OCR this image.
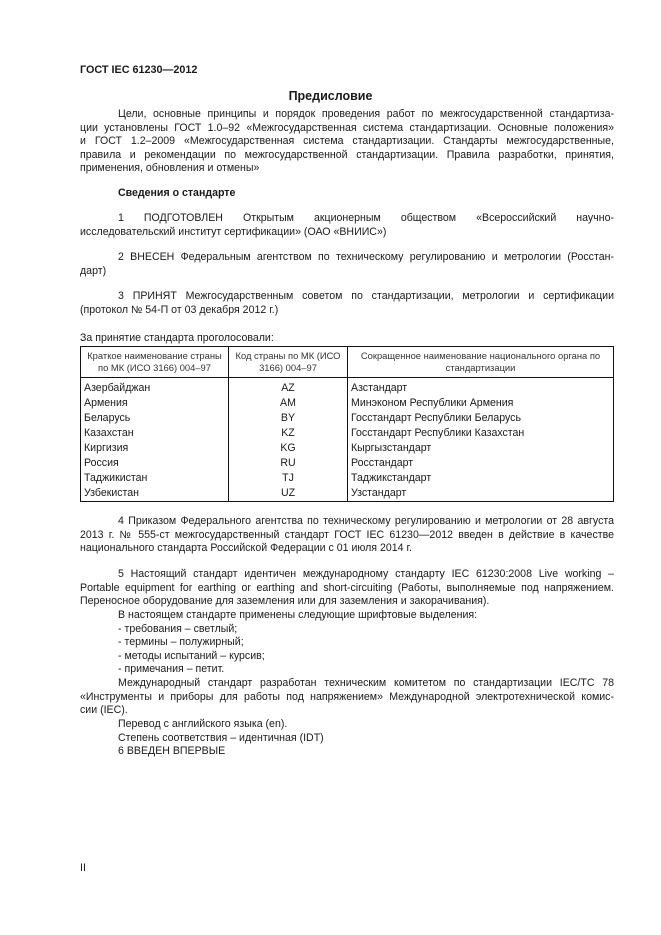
ГОСТ IEC 61230—2012
Предисловие
Цели, основные принципы и порядок проведения работ по межгосударственной стандартиза-
ции установлены ГОСТ 1.0–92 «Межгосударственная система стандартизации. Основные положения»
и ГОСТ 1.2–2009 «Межгосударственная система стандартизации. Стандарты межгосударственные,
правила и рекомендации по межгосударственной стандартизации. Правила разработки, принятия,
применения, обновления и отмены»
Сведения о стандарте
1 ПОДГОТОВЛЕН Открытым акционерным обществом «Всероссийский научно-
исследовательский институт сертификации» (ОАО «ВНИИС»)
2 ВНЕСЕН Федеральным агентством по техническому регулированию и метрологии (Росстан-
дарт)
3 ПРИНЯТ Межгосударственным советом по стандартизации, метрологии и сертификации
(протокол № 54-П от 03 декабря 2012 г.)
За принятие стандарта проголосовали:
Краткое наименование страны по МК (ИСО 3166) 004–97	Код страны по МК (ИСО 3166) 004–97	Сокращенное наименование национального органа по стандартизации
Азербайджан	AZ	Азстандарт
Армения	AM	Минэконом Республики Армения
Беларусь	BY	Госстандарт Республики Беларусь
Казахстан	KZ	Госстандарт Республики Казахстан
Киргизия	KG	Кыргызстандарт
Россия	RU	Росстандарт
Таджикистан	TJ	Таджикстандарт
Узбекистан	UZ	Узстандарт
4 Приказом Федерального агентства по техническому регулированию и метрологии от 28 августа
2013 г. № 555-ст межгосударственный стандарт ГОСТ IEC 61230—2012 введен в действие в качестве
национального стандарта Российской Федерации с 01 июля 2014 г.
5 Настоящий стандарт идентичен международному стандарту IEC 61230:2008 Live working –
Portable equipment for earthing or earthing and short-circuiting (Работы, выполняемые под напряжением.
Переносное оборудование для заземления или для заземления и закорачивания).
В настоящем стандарте применены следующие шрифтовые выделения:
- требования – светлый;
- термины – полужирный;
- методы испытаний – курсив;
- примечания – петит.
Международный стандарт разработан техническим комитетом по стандартизации IEC/TC 78
«Инструменты и приборы для работы под напряжением» Международной электротехнической комис-
сии (IEC).
Перевод с английского языка (en).
Степень соответствия – идентичная (IDT)
6 ВВЕДЕН ВПЕРВЫЕ
II
